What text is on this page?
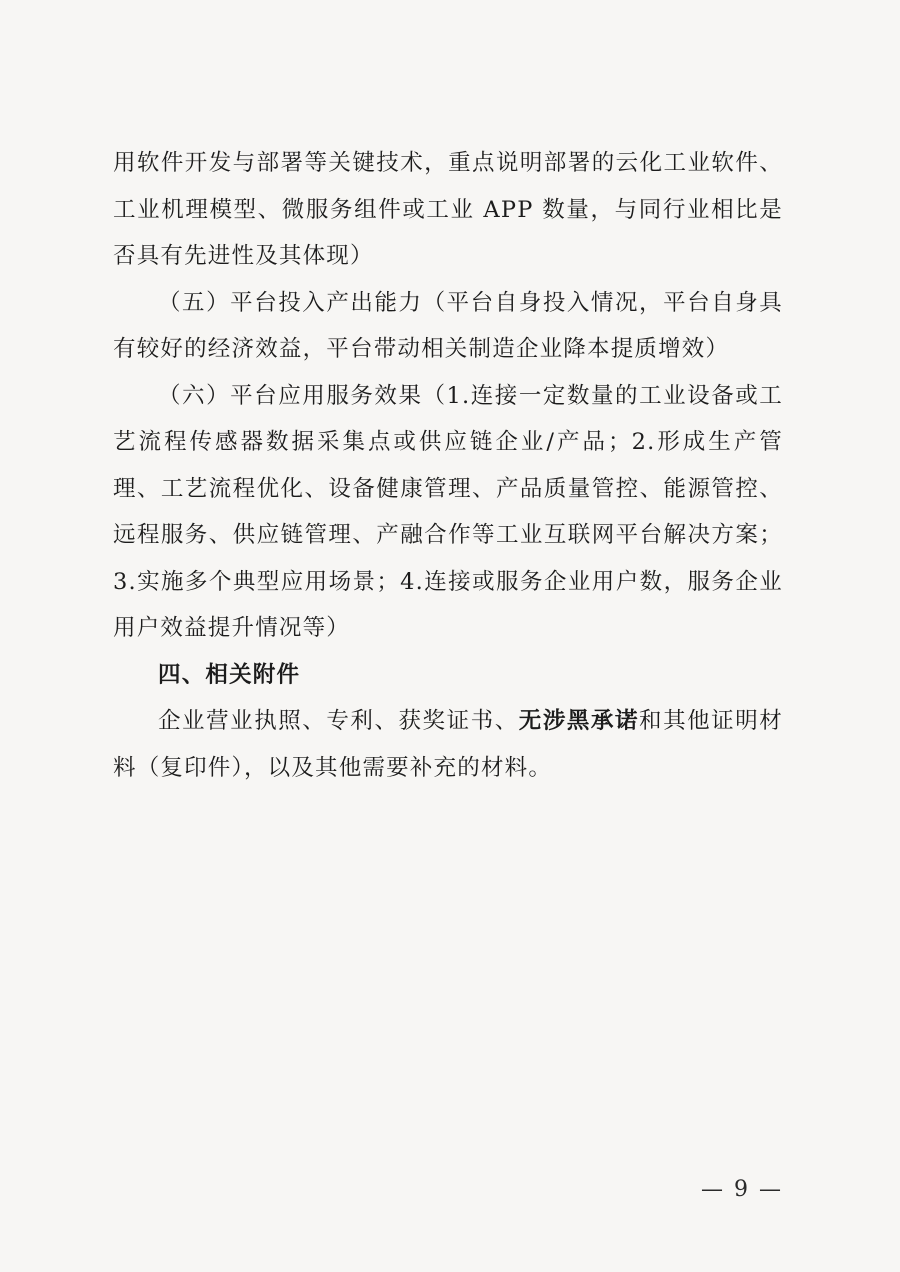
用软件开发与部署等关键技术，重点说明部署的云化工业软件、工业机理模型、微服务组件或工业 APP 数量，与同行业相比是否具有先进性及其体现）

（五）平台投入产出能力（平台自身投入情况，平台自身具有较好的经济效益，平台带动相关制造企业降本提质增效）

（六）平台应用服务效果（1.连接一定数量的工业设备或工艺流程传感器数据采集点或供应链企业/产品；2.形成生产管理、工艺流程优化、设备健康管理、产品质量管控、能源管控、远程服务、供应链管理、产融合作等工业互联网平台解决方案；3.实施多个典型应用场景；4.连接或服务企业用户数，服务企业用户效益提升情况等）

四、相关附件

企业营业执照、专利、获奖证书、无涉黑承诺和其他证明材料（复印件），以及其他需要补充的材料。

— 9 —
